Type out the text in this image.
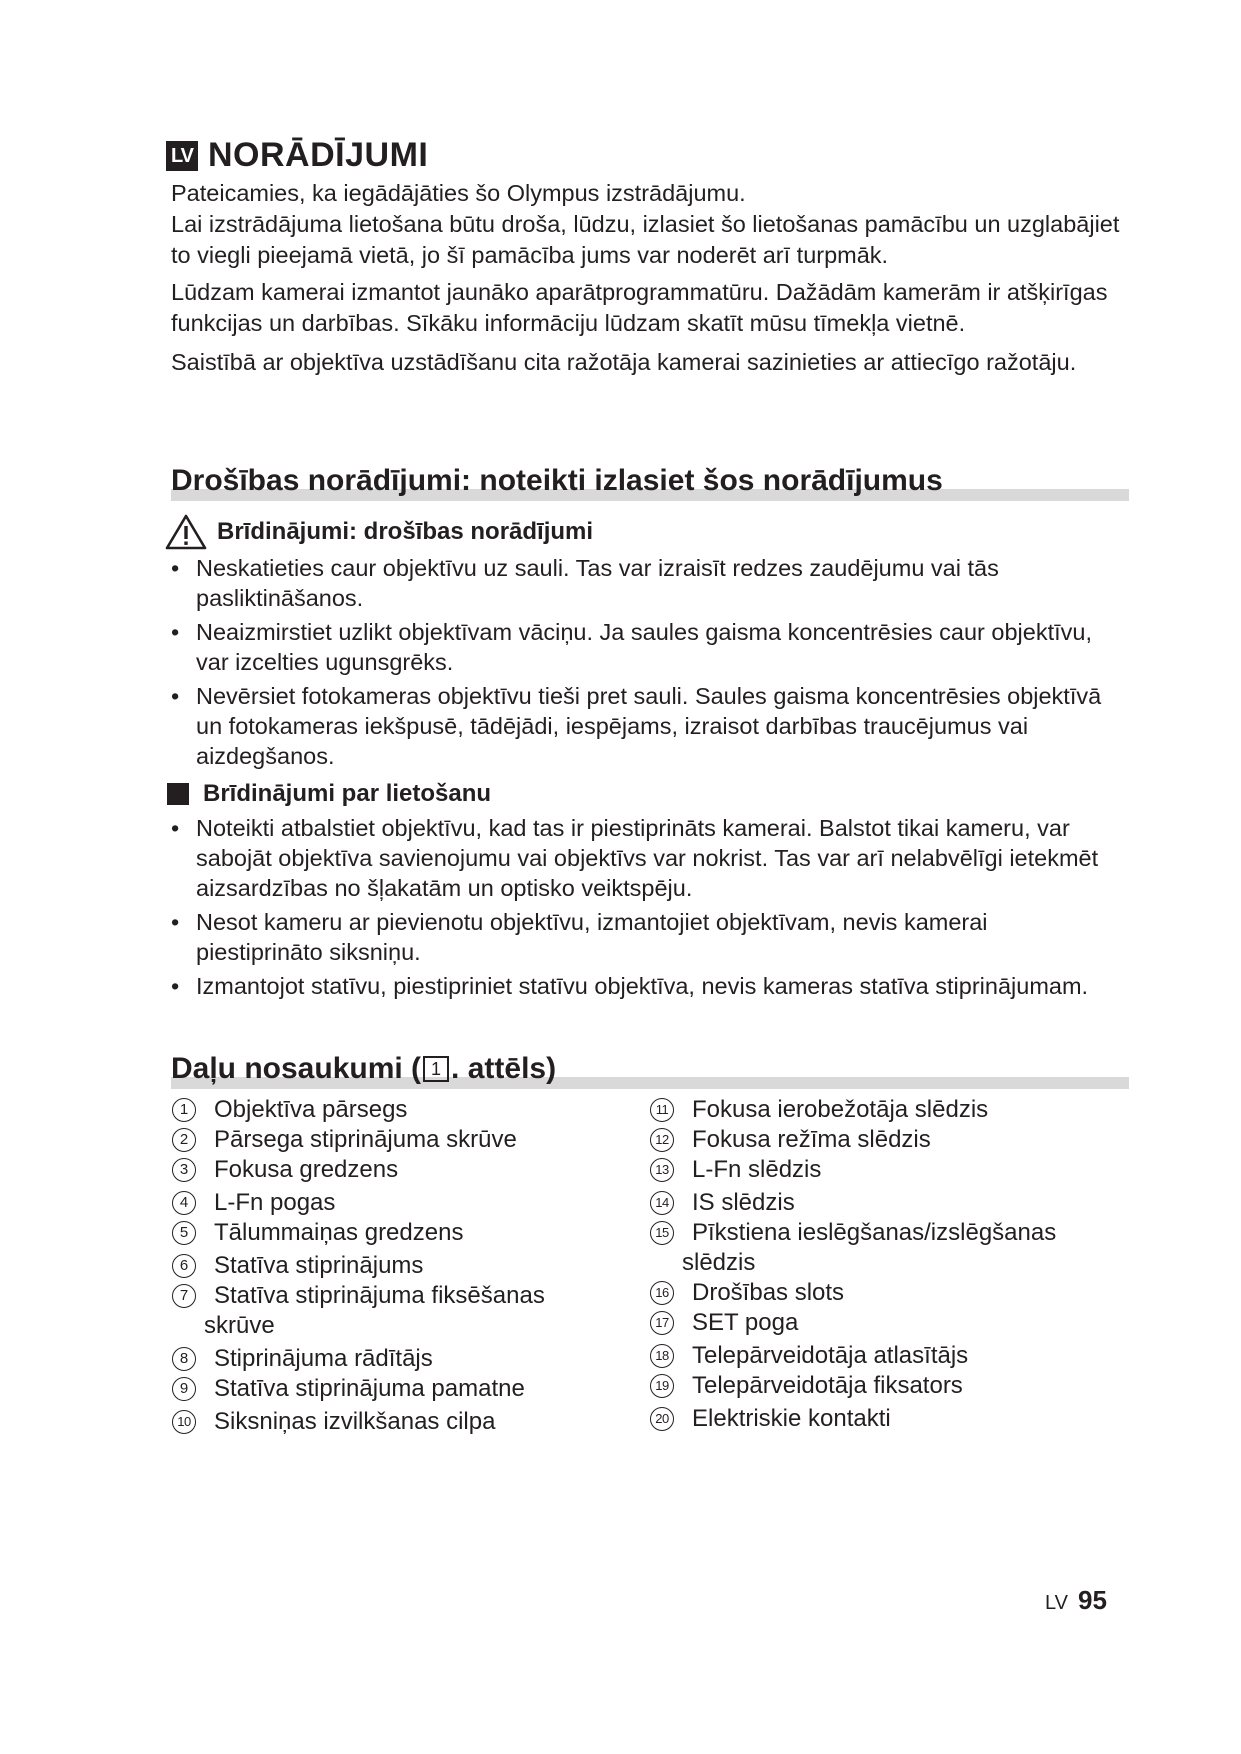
LV NORĀDĪJUMI

Pateicamies, ka iegādājāties šo Olympus izstrādājumu.

Lai izstrādājuma lietošana būtu droša, lūdzu, izlasiet šo lietošanas pamācību un uzglabājiet to viegli pieejamā vietā, jo šī pamācība jums var noderēt arī turpmāk.

Lūdzam kamerai izmantot jaunāko aparātprogrammatūru. Dažādām kamerām ir atšķirīgas funkcijas un darbības. Sīkāku informāciju lūdzam skatīt mūsu tīmekļa vietnē.

Saistībā ar objektīva uzstādīšanu cita ražotāja kamerai sazinieties ar attiecīgo ražotāju.

Drošības norādījumi: noteikti izlasiet šos norādījumus
Brīdinājumi: drošības norādījumi
• Neskatieties caur objektīvu uz sauli. Tas var izraisīt redzes zaudējumu vai tās pasliktināšanos.
• Neaizmirstiet uzlikt objektīvam vāciņu. Ja saules gaisma koncentrēsies caur objektīvu, var izcelties ugunsgrēks.
• Nevērsiet fotokameras objektīvu tieši pret sauli. Saules gaisma koncentrēsies objektīvā un fotokameras iekšpusē, tādējādi, iespējams, izraisot darbības traucējumus vai aizdegšanos.
Brīdinājumi par lietošanu
• Noteikti atbalstiet objektīvu, kad tas ir piestiprināts kamerai. Balstot tikai kameru, var sabojāt objektīva savienojumu vai objektīvs var nokrist. Tas var arī nelabvēlīgi ietekmēt aizsardzības no šļakatām un optisko veiktspēju.
• Nesot kameru ar pievienotu objektīvu, izmantojiet objektīvam, nevis kamerai piestiprināto siksniņu.
• Izmantojot statīvu, piestipriniet statīvu objektīva, nevis kameras statīva stiprinājumam.
Daļu nosaukumi ( 1 . attēls)
1	Objektīva pārsegs
2	Pārsega stiprinājuma skrūve
3	Fokusa gredzens
4	L-Fn pogas
5	Tālummaiņas gredzens
6	Statīva stiprinājums
7	Statīva stiprinājuma fiksēšanas
skrūve
8	Stiprinājuma rādītājs
9	Statīva stiprinājuma pamatne
10 Siksniņas izvilkšanas cilpa
11 Fokusa ierobežotāja slēdzis
12 Fokusa režīma slēdzis
13 L-Fn slēdzis
14 IS slēdzis
15 Pīkstiena ieslēgšanas/izslēgšanas
slēdzis
16 Drošības slots
17 SET poga
18 Telepārveidotāja atlasītājs
19 Telepārveidotāja fiksators
20 Elektriskie kontakti
LV 95
